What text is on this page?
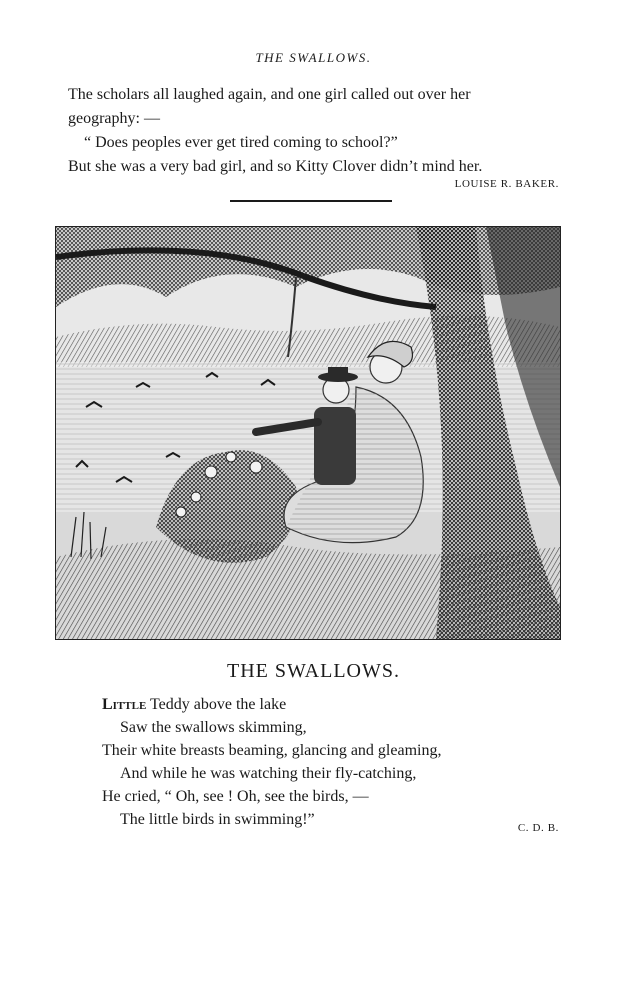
THE SWALLOWS.

The scholars all laughed again, and one girl called out over her

geography: —

“ Does peoples ever get tired coming to school?”

But she was a very bad girl, and so Kitty Clover didn’t mind her.

LOUISE R. BAKER.
THE SWALLOWS.
Little Teddy above the lake
Saw the swallows skimming,
Their white breasts beaming, glancing and gleaming,
And while he was watching their fly-catching,
He cried, “ Oh, see ! Oh, see the birds, —
The little birds in swimming!”	C. D. B.
